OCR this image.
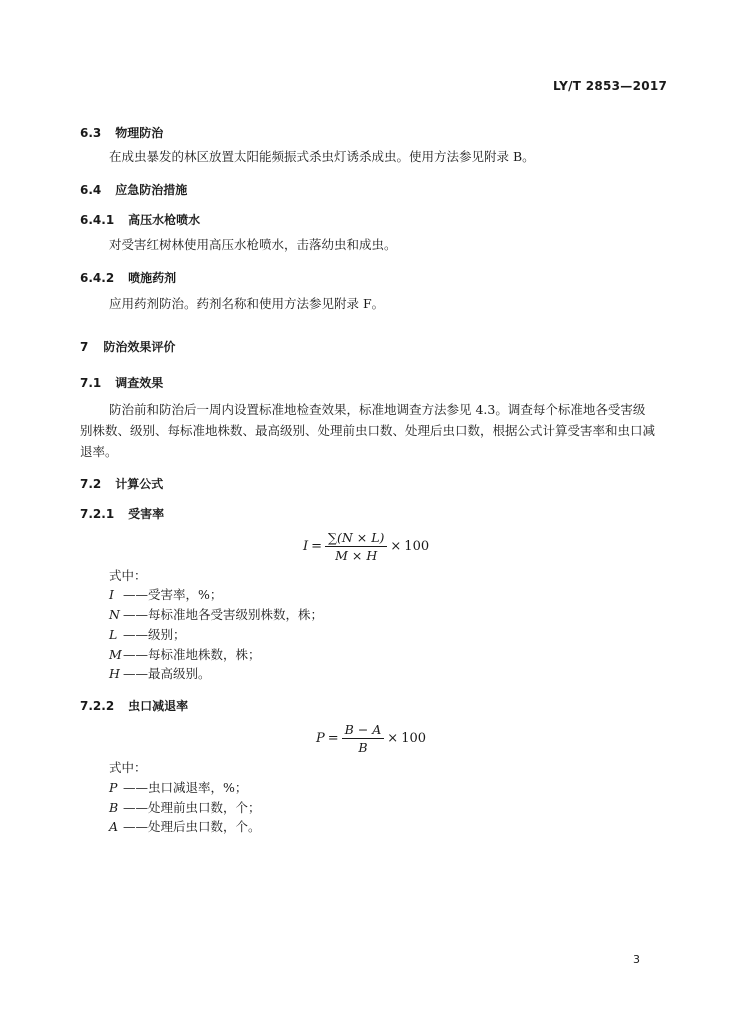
LY/T 2853—2017
6.3 物理防治
在成虫暴发的林区放置太阳能频振式杀虫灯诱杀成虫。使用方法参见附录 B。
6.4 应急防治措施
6.4.1 高压水枪喷水
对受害红树林使用高压水枪喷水，击落幼虫和成虫。
6.4.2 喷施药剂
应用药剂防治。药剂名称和使用方法参见附录 F。
7 防治效果评价
7.1 调查效果
防治前和防治后一周内设置标准地检查效果，标准地调查方法参见 4.3。调查每个标准地各受害级
别株数、级别、每标准地株数、最高级别、处理前虫口数、处理后虫口数，根据公式计算受害率和虫口减
退率。
7.2 计算公式
7.2.1 受害率
$I = \frac{\sum(N \times L)}{M \times H} \times 100$
式中：
I ——受害率，%；
N ——每标准地各受害级别株数，株；
L ——级别；
M——每标准地株数，株；
H ——最高级别。
7.2.2 虫口减退率
$P = \frac{B - A}{B} \times 100$
式中：
P ——虫口减退率，%；
B ——处理前虫口数，个；
A ——处理后虫口数，个。
3
